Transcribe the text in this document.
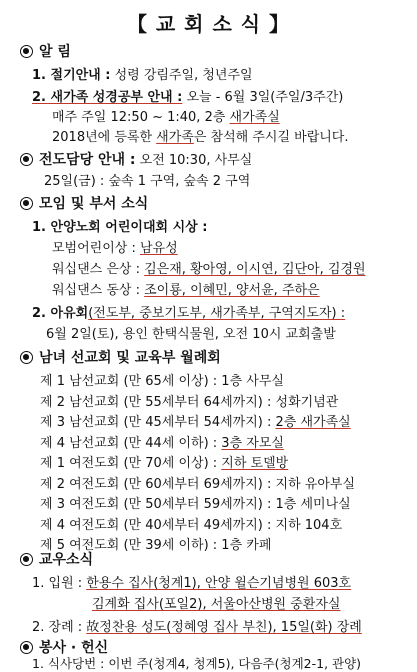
【 교 회 소 식 】
알 림
1. 절기안내 : 성령 강림주일, 청년주일
2. 새가족 성경공부 안내 : 오늘 - 6월 3일(주일/3주간)
매주 주일 12:50 ~ 1:40, 2층 새가족실
2018년에 등록한 새가족은 참석해 주시길 바랍니다.
전도담당 안내 : 오전 10:30, 사무실
25일(금) : 숲속 1 구역, 숲속 2 구역
모임 및 부서 소식
1. 안양노회 어린이대회 시상 :
모범어린이상 : 남유성
워십댄스 은상 : 김은재, 황아영, 이시연, 김단아, 김경원
워십댄스 동상 : 조이룡, 이혜민, 양서윤, 주하은
2. 아유회(전도부, 중보기도부, 새가족부, 구역지도자) :
6월 2일(토), 용인 한택식물원, 오전 10시 교회출발
남녀 선교회 및 교육부 월례회
제 1 남선교회 (만 65세 이상) : 1층 사무실
제 2 남선교회 (만 55세부터 64세까지) : 성화기념관
제 3 남선교회 (만 45세부터 54세까지) : 2층 새가족실
제 4 남선교회 (만 44세 이하) : 3층 자모실
제 1 여전도회 (만 70세 이상) : 지하 토델방
제 2 여전도회 (만 60세부터 69세까지) : 지하 유아부실
제 3 여전도회 (만 50세부터 59세까지) : 1층 세미나실
제 4 여전도회 (만 40세부터 49세까지) : 지하 104호
제 5 여전도회 (만 39세 이하) : 1층 카페
교우소식
1. 입원 : 한용수 집사(청계1), 안양 윌슨기념병원 603호
김계화 집사(포일2), 서울아산병원 중환자실
2. 장례 : 故정찬용 성도(정혜영 집사 부친), 15일(화) 장례
봉사 · 헌신
1. 식사당번 : 이번 주(청계4, 청계5), 다음주(청계2-1, 관양)
